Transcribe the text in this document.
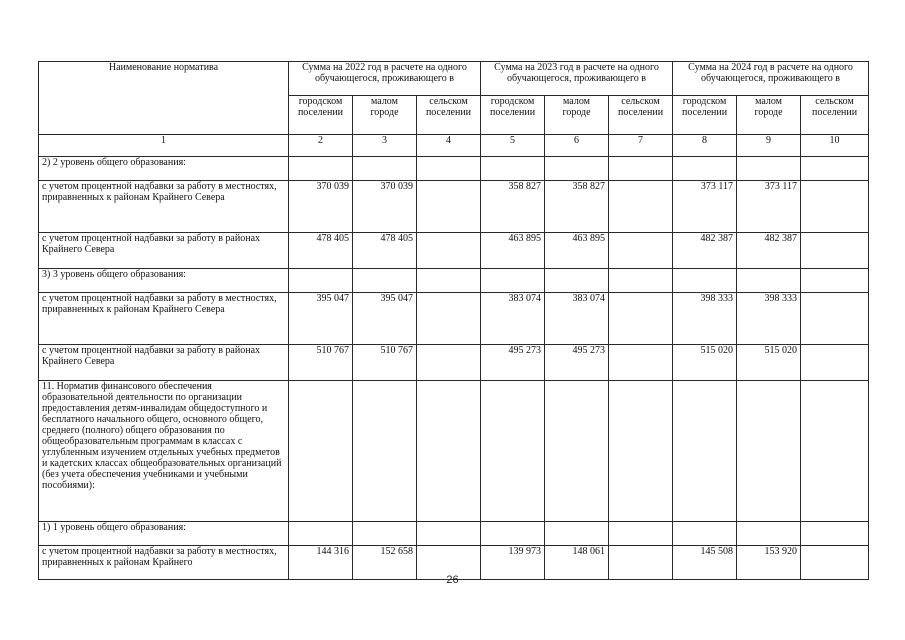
Наименование норматива	Сумма на 2022 год в расчете на одного обучающегося, проживающего в			Сумма на 2023 год в расчете на одного обучающегося, проживающего в			Сумма на 2024 год в расчете на одного обучающегося, проживающего в		
	городском поселении	малом городе	сельском поселении	городском поселении	малом городе	сельском поселении	городском поселении	малом городе	сельском поселении
1	2	3	4	5	6	7	8	9	10
2) 2 уровень общего образования:									
с учетом процентной надбавки за работу в местностях, приравненных к районам Крайнего Севера	370 039	370 039		358 827	358 827		373 117	373 117	
с учетом процентной надбавки за работу в районах Крайнего Севера	478 405	478 405		463 895	463 895		482 387	482 387	
3) 3 уровень общего образования:									
с учетом процентной надбавки за работу в местностях, приравненных к районам Крайнего Севера	395 047	395 047		383 074	383 074		398 333	398 333	
с учетом процентной надбавки за работу в районах Крайнего Севера	510 767	510 767		495 273	495 273		515 020	515 020	
11. Норматив финансового обеспечения образовательной деятельности по организации предоставления детям-инвалидам общедоступного и бесплатного начального общего, основного общего, среднего (полного) общего образования по общеобразовательным программам в классах с углубленным изучением отдельных учебных предметов и кадетских классах общеобразовательных организаций (без учета обеспечения учебниками и учебными пособиями):									
1) 1 уровень общего образования:									
с учетом процентной надбавки за работу в местностях, приравненных к районам Крайнего	144 316	152 658		139 973	148 061		145 508	153 920	
26
